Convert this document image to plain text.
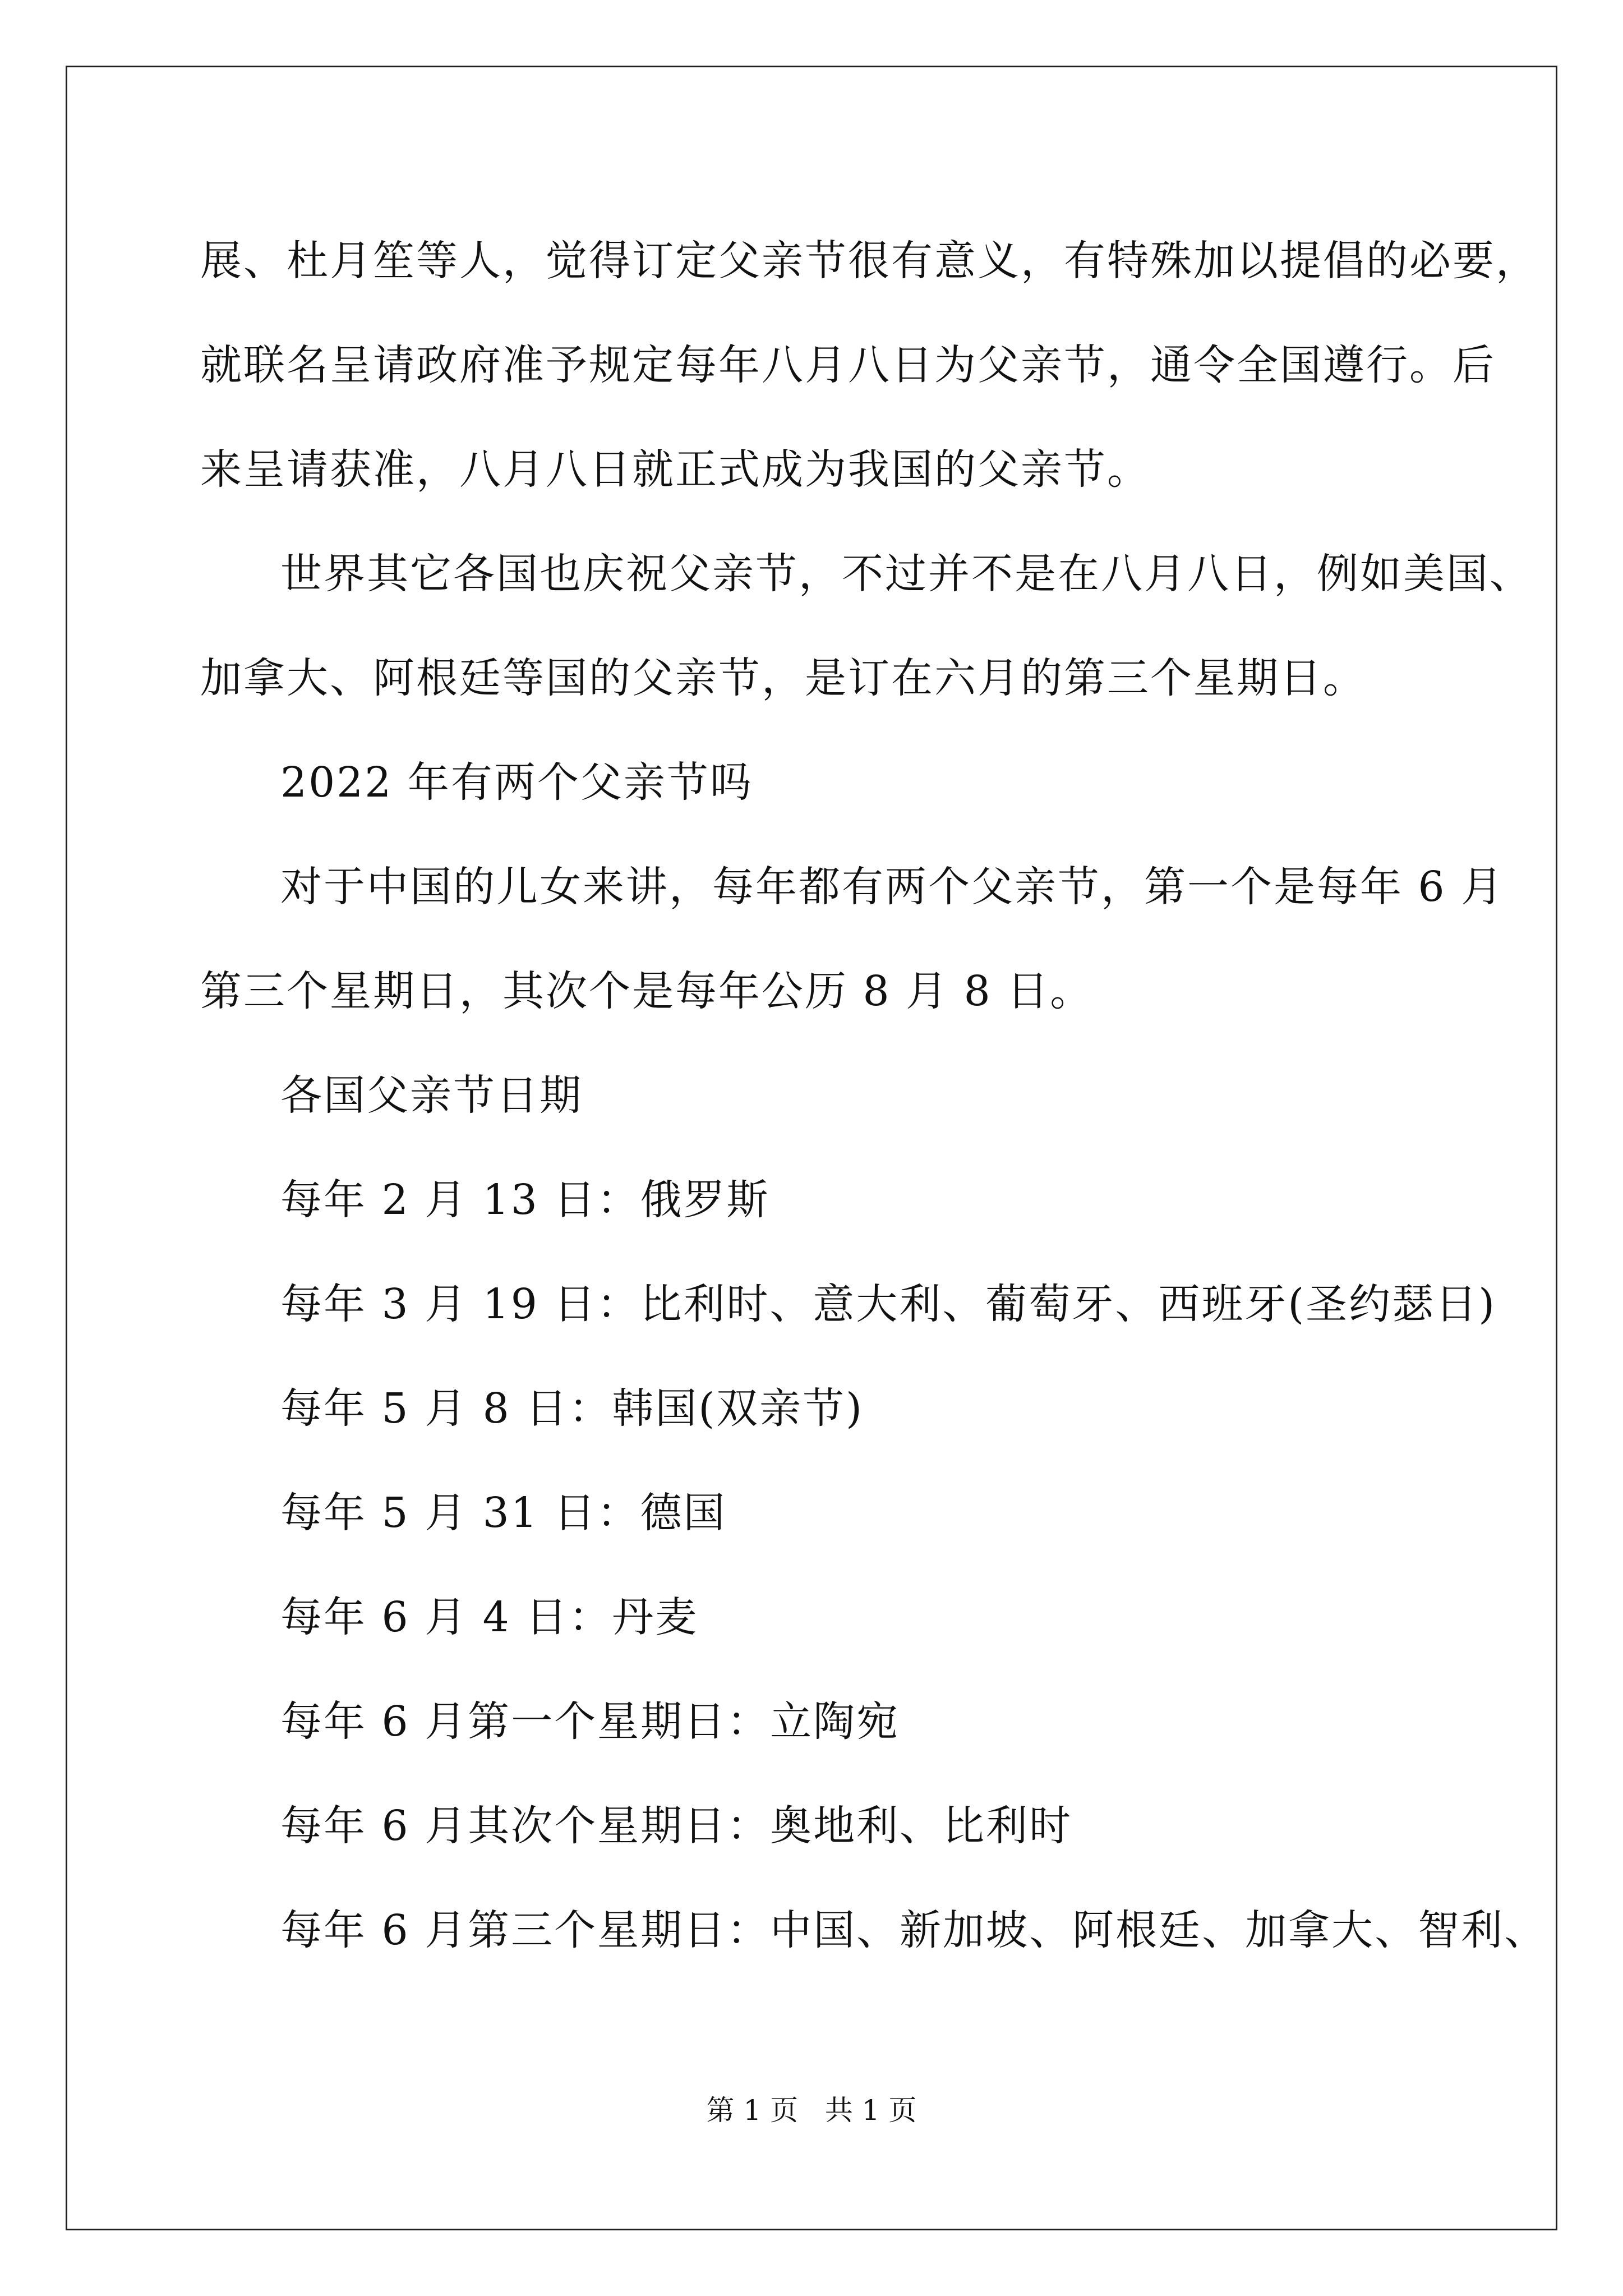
展、杜月笙等人，觉得订定父亲节很有意义，有特殊加以提倡的必要，
就联名呈请政府准予规定每年八月八日为父亲节，通令全国遵行。后
来呈请获准，八月八日就正式成为我国的父亲节。
世界其它各国也庆祝父亲节，不过并不是在八月八日，例如美国、
加拿大、阿根廷等国的父亲节，是订在六月的第三个星期日。
2022 年有两个父亲节吗
对于中国的儿女来讲，每年都有两个父亲节，第一个是每年 6 月
第三个星期日，其次个是每年公历 8 月 8 日。
各国父亲节日期
每年 2 月 13 日：俄罗斯
每年 3 月 19 日：比利时、意大利、葡萄牙、西班牙(圣约瑟日)
每年 5 月 8 日：韩国(双亲节)
每年 5 月 31 日：德国
每年 6 月 4 日：丹麦
每年 6 月第一个星期日：立陶宛
每年 6 月其次个星期日：奥地利、比利时
每年 6 月第三个星期日：中国、新加坡、阿根廷、加拿大、智利、
第 1 页   共 1 页
